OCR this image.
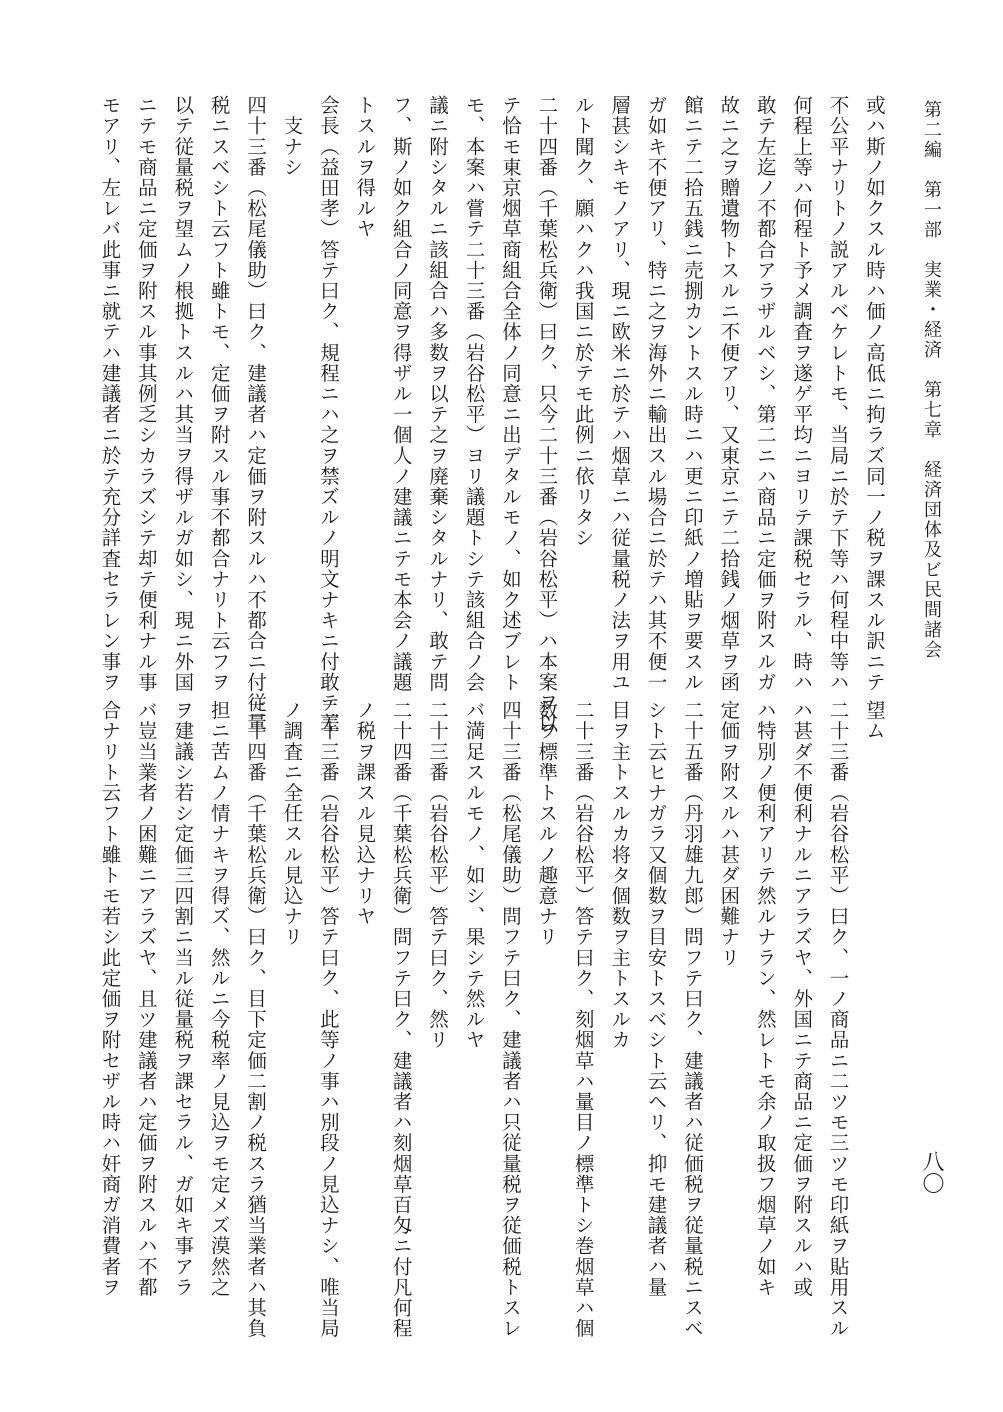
第二編　第一部　実業・経済　第七章　経済団体及ビ民間諸会
八〇

或ハ斯ノ如クスル時ハ価ノ高低ニ拘ラズ同一ノ税ヲ課スル訳ニテ

不公平ナリトノ説アルベケレトモ、当局ニ於テ下等ハ何程中等ハ

何程上等ハ何程ト予メ調査ヲ遂ゲ平均ニヨリテ課税セラル、時ハ

敢テ左迄ノ不都合アラザルベシ、第二ニハ商品ニ定価ヲ附スルガ

故ニ之ヲ贈遺物トスルニ不便アリ、又東京ニテ二拾銭ノ烟草ヲ函

館ニテ二拾五銭ニ売捌カントスル時ニハ更ニ印紙ノ増貼ヲ要スル

ガ如キ不便アリ、特ニ之ヲ海外ニ輸出スル場合ニ於テハ其不便一

層甚シキモノアリ、現ニ欧米ニ於テハ烟草ニハ従量税ノ法ヲ用ユ

ルト聞ク、願ハクハ我国ニ於テモ此例ニ依リタシ

二十四番（千葉松兵衛）曰ク、只今二十三番（岩谷松平）ハ本案ヲ以

テ恰モ東京烟草商組合全体ノ同意ニ出デタルモノ、如ク述ブレト

モ、本案ハ嘗テ二十三番（岩谷松平）ヨリ議題トシテ該組合ノ会

議ニ附シタルニ該組合ハ多数ヲ以テ之ヲ廃棄シタルナリ、敢テ問

フ、斯ノ如ク組合ノ同意ヲ得ザル一個人ノ建議ニテモ本会ノ議題

トスルヲ得ルヤ

会長（益田孝）答テ曰ク、規程ニハ之ヲ禁ズルノ明文ナキニ付敢テ差

　支ナシ

四十三番（松尾儀助）曰ク、建議者ハ定価ヲ附スルハ不都合ニ付従量

税ニスベシト云フト雖トモ、定価ヲ附スル事不都合ナリト云フヲ

以テ従量税ヲ望ムノ根拠トスルハ其当ヲ得ザルガ如シ、現ニ外国

ニテモ商品ニ定価ヲ附スル事其例乏シカラズシテ却テ便利ナル事

モアリ、左レバ此事ニ就テハ建議者ニ於テ充分詳査セラレン事ヲ

望ム

二十三番（岩谷松平）曰ク、一ノ商品ニ二ツモ三ツモ印紙ヲ貼用スル

ハ甚ダ不便利ナルニアラズヤ、外国ニテ商品ニ定価ヲ附スルハ或

ハ特別ノ便利アリテ然ルナラン、然レトモ余ノ取扱フ烟草ノ如キ

定価ヲ附スルハ甚ダ困難ナリ

二十五番（丹羽雄九郎）問フテ曰ク、建議者ハ従価税ヲ従量税ニスベ

シト云ヒナガラ又個数ヲ目安トスベシト云ヘリ、抑モ建議者ハ量

目ヲ主トスルカ将タ個数ヲ主トスルカ

二十三番（岩谷松平）答テ曰ク、刻烟草ハ量目ノ標準トシ巻烟草ハ個

数ヲ標準トスルノ趣意ナリ

四十三番（松尾儀助）問フテ曰ク、建議者ハ只従量税ヲ従価税トスレ

バ満足スルモノ、如シ、果シテ然ルヤ

二十三番（岩谷松平）答テ曰ク、然リ

二十四番（千葉松兵衛）問フテ曰ク、建議者ハ刻烟草百匁ニ付凡何程

ノ税ヲ課スル見込ナリヤ

二十三番（岩谷松平）答テ曰ク、此等ノ事ハ別段ノ見込ナシ、唯当局

ノ調査ニ全任スル見込ナリ

二十四番（千葉松兵衛）曰ク、目下定価二割ノ税スラ猶当業者ハ其負

担ニ苦ムノ情ナキヲ得ズ、然ルニ今税率ノ見込ヲモ定メズ漠然之

ヲ建議シ若シ定価三四割ニ当ル従量税ヲ課セラル、ガ如キ事アラ

バ豈当業者ノ困難ニアラズヤ、且ツ建議者ハ定価ヲ附スルハ不都

合ナリト云フト雖トモ若シ此定価ヲ附セザル時ハ奸商ガ消費者ヲ
